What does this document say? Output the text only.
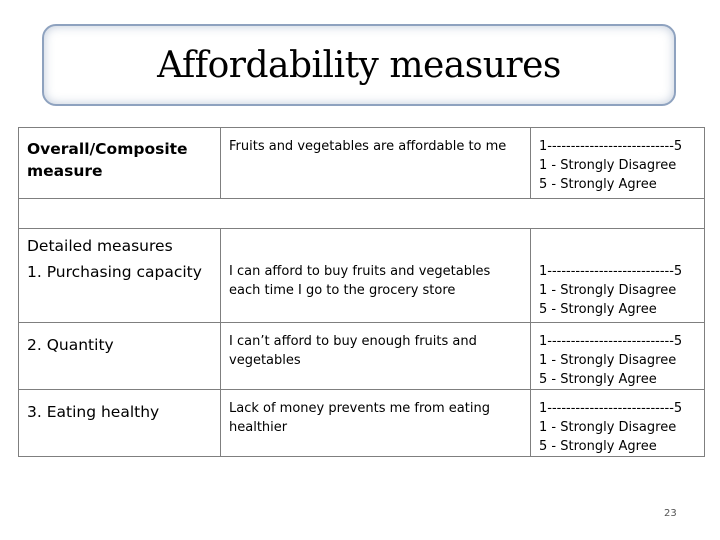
Affordability measures
Overall/Composite measure	Fruits and vegetables are affordable to me	1---------------------------5
1 - Strongly Disagree
5 - Strongly Agree

Detailed measures		

1. Purchasing capacity	I can afford to buy fruits and vegetables each time I go to the grocery store	1---------------------------5
1 - Strongly Disagree
5 - Strongly Agree

2. Quantity	I can’t afford to buy enough fruits and vegetables	1---------------------------5
1 - Strongly Disagree
5 - Strongly Agree

3. Eating healthy	Lack of money prevents me from eating healthier	1---------------------------5
1 - Strongly Disagree
5 - Strongly Agree
23
